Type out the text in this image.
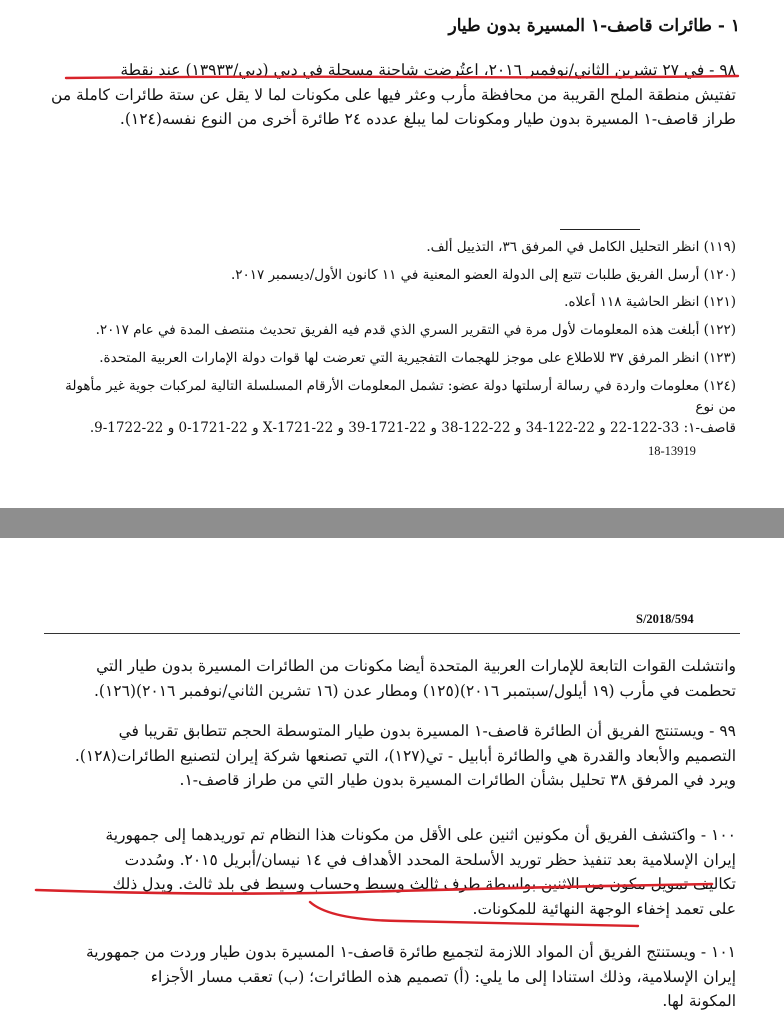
١ - طائرات قاصف-١ المسيرة بدون طيار
٩٨ - في ٢٧ تشرين الثاني/نوفمبر ٢٠١٦، اعتُرضت شاحنة مسجلة في دبي (دبي/١٣٩٣٣) عند نقطة
تفتيش منطقة الملح القريبة من محافظة مأرب وعثر فيها على مكونات لما لا يقل عن ستة طائرات كاملة من
طراز قاصف-١ المسيرة بدون طيار ومكونات لما يبلغ عدده ٢٤ طائرة أخرى من النوع نفسه(١٢٤).
(١١٩) انظر التحليل الكامل في المرفق ٣٦، التذييل ألف.
(١٢٠) أرسل الفريق طلبات تتبع إلى الدولة العضو المعنية في ١١ كانون الأول/ديسمبر ٢٠١٧.
(١٢١) انظر الحاشية ١١٨ أعلاه.
(١٢٢) أبلغت هذه المعلومات لأول مرة في التقرير السري الذي قدم فيه الفريق تحديث منتصف المدة في عام ٢٠١٧.
(١٢٣) انظر المرفق ٣٧ للاطلاع على موجز للهجمات التفجيرية التي تعرضت لها قوات دولة الإمارات العربية المتحدة.
(١٢٤) معلومات واردة في رسالة أرسلتها دولة عضو: تشمل المعلومات الأرقام المسلسلة التالية لمركبات جوية غير مأهولة من نوع
قاصف-١: 22-122-33 و 22-122-34 و 22-122-38 و 22-1721-39 و 22-1721-X و 22-1721-0 و 22-1722-9.
18-13919
S/2018/594
وانتشلت القوات التابعة للإمارات العربية المتحدة أيضا مكونات من الطائرات المسيرة بدون طيار التي
تحطمت في مأرب (١٩ أيلول/سبتمبر ٢٠١٦)(١٢٥) ومطار عدن (١٦ تشرين الثاني/نوفمبر ٢٠١٦)(١٢٦).
٩٩ - ويستنتج الفريق أن الطائرة قاصف-١ المسيرة بدون طيار المتوسطة الحجم تتطابق تقريبا في
التصميم والأبعاد والقدرة هي والطائرة أبابيل - تي(١٢٧)، التي تصنعها شركة إيران لتصنيع الطائرات(١٢٨).
ويرد في المرفق ٣٨ تحليل بشأن الطائرات المسيرة بدون طيار التي من طراز قاصف-١.
١٠٠ - واكتشف الفريق أن مكونين اثنين على الأقل من مكونات هذا النظام تم توريدهما إلى جمهورية
إيران الإسلامية بعد تنفيذ حظر توريد الأسلحة المحدد الأهداف في ١٤ نيسان/أبريل ٢٠١٥. وسُددت
تكاليف تمويل مكون من الاثنين بواسطة طرف ثالث وسيط وحساب وسيط في بلد ثالث. ويدل ذلك
على تعمد إخفاء الوجهة النهائية للمكونات.
١٠١ - ويستنتج الفريق أن المواد اللازمة لتجميع طائرة قاصف-١ المسيرة بدون طيار وردت من جمهورية
إيران الإسلامية، وذلك استنادا إلى ما يلي: (أ) تصميم هذه الطائرات؛ (ب) تعقب مسار الأجزاء
المكونة لها.
